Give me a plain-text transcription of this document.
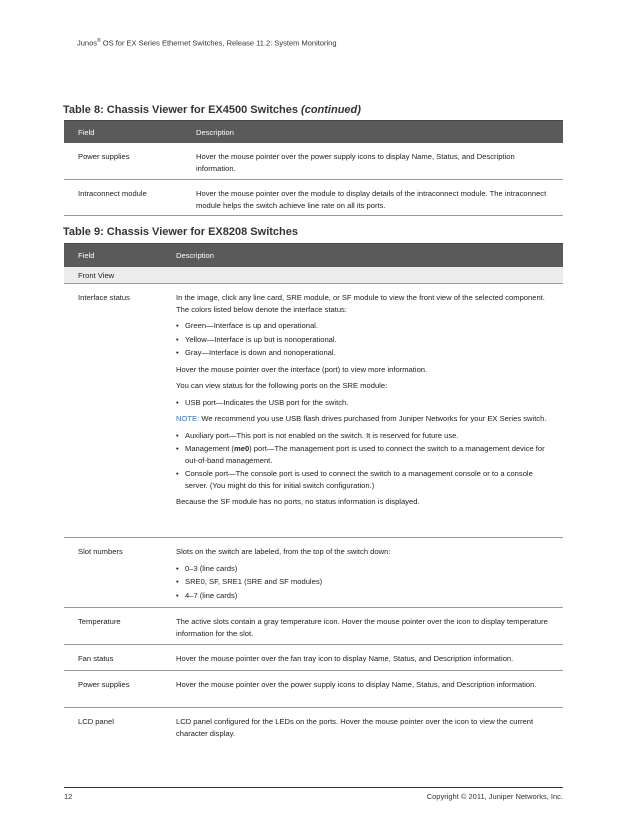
Junos® OS for EX Series Ethernet Switches, Release 11.2: System Monitoring
Table 8: Chassis Viewer for EX4500 Switches (continued)
Field	Description
Power supplies	Hover the mouse pointer over the power supply icons to display Name, Status, and Description information.
Intraconnect module	Hover the mouse pointer over the module to display details of the intraconnect module. The intraconnect module helps the switch achieve line rate on all its ports.
Table 9: Chassis Viewer for EX8208 Switches
Field	Description
Front View
Interface status	In the image, click any line card, SRE module, or SF module to view the front view of the selected component. The colors listed below denote the interface status:

• Green—Interface is up and operational.
• Yellow—Interface is up but is nonoperational.
• Gray—Interface is down and nonoperational.

Hover the mouse pointer over the interface (port) to view more information.

You can view status for the following ports on the SRE module:

• USB port—Indicates the USB port for the switch.

NOTE: We recommend you use USB flash drives purchased from Juniper Networks for your EX Series switch.

• Auxiliary port—This port is not enabled on the switch. It is reserved for future use.
• Management (me0) port—The management port is used to connect the switch to a management device for out-of-band management.
• Console port—The console port is used to connect the switch to a management console or to a console server. (You might do this for initial switch configuration.)

Because the SF module has no ports, no status information is displayed.

Slot numbers	Slots on the switch are labeled, from the top of the switch down:

• 0–3 (line cards)
• SRE0, SF, SRE1 (SRE and SF modules)
• 4–7 (line cards)
Temperature	The active slots contain a gray temperature icon. Hover the mouse pointer over the icon to display temperature information for the slot.
Fan status	Hover the mouse pointer over the fan tray icon to display Name, Status, and Description information.
Power supplies	Hover the mouse pointer over the power supply icons to display Name, Status, and Description information.
LCD panel	LCD panel configured for the LEDs on the ports. Hover the mouse pointer over the icon to view the current character display.
12	Copyright © 2011, Juniper Networks, Inc.
